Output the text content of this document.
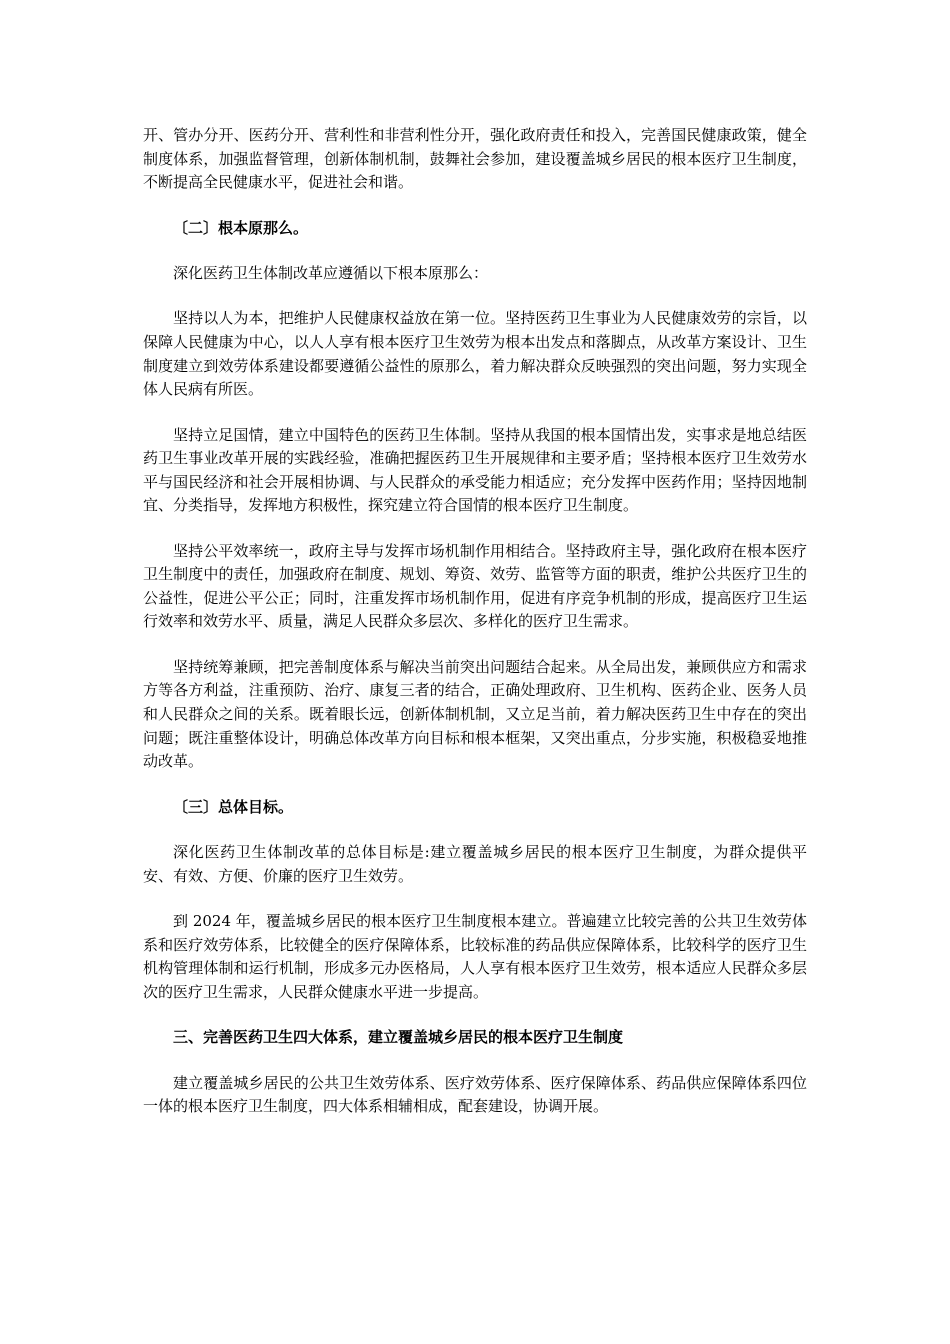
开、管办分开、医药分开、营利性和非营利性分开，强化政府责任和投入，完善国民健康政策，健全制度体系，加强监督管理，创新体制机制，鼓舞社会参加，建设覆盖城乡居民的根本医疗卫生制度，不断提高全民健康水平，促进社会和谐。

〔二〕根本原那么。

深化医药卫生体制改革应遵循以下根本原那么：

坚持以人为本，把维护人民健康权益放在第一位。坚持医药卫生事业为人民健康效劳的宗旨，以保障人民健康为中心，以人人享有根本医疗卫生效劳为根本出发点和落脚点，从改革方案设计、卫生制度建立到效劳体系建设都要遵循公益性的原那么，着力解决群众反映强烈的突出问题，努力实现全体人民病有所医。

坚持立足国情，建立中国特色的医药卫生体制。坚持从我国的根本国情出发，实事求是地总结医药卫生事业改革开展的实践经验，准确把握医药卫生开展规律和主要矛盾；坚持根本医疗卫生效劳水平与国民经济和社会开展相协调、与人民群众的承受能力相适应；充分发挥中医药作用；坚持因地制宜、分类指导，发挥地方积极性，探究建立符合国情的根本医疗卫生制度。

坚持公平效率统一，政府主导与发挥市场机制作用相结合。坚持政府主导，强化政府在根本医疗卫生制度中的责任，加强政府在制度、规划、筹资、效劳、监管等方面的职责，维护公共医疗卫生的公益性，促进公平公正；同时，注重发挥市场机制作用，促进有序竞争机制的形成，提高医疗卫生运行效率和效劳水平、质量，满足人民群众多层次、多样化的医疗卫生需求。

坚持统筹兼顾，把完善制度体系与解决当前突出问题结合起来。从全局出发，兼顾供应方和需求方等各方利益，注重预防、治疗、康复三者的结合，正确处理政府、卫生机构、医药企业、医务人员和人民群众之间的关系。既着眼长远，创新体制机制，又立足当前，着力解决医药卫生中存在的突出问题；既注重整体设计，明确总体改革方向目标和根本框架，又突出重点，分步实施，积极稳妥地推动改革。

〔三〕总体目标。

深化医药卫生体制改革的总体目标是:建立覆盖城乡居民的根本医疗卫生制度，为群众提供平安、有效、方便、价廉的医疗卫生效劳。

到 2024 年，覆盖城乡居民的根本医疗卫生制度根本建立。普遍建立比较完善的公共卫生效劳体系和医疗效劳体系，比较健全的医疗保障体系，比较标准的药品供应保障体系，比较科学的医疗卫生机构管理体制和运行机制，形成多元办医格局，人人享有根本医疗卫生效劳，根本适应人民群众多层次的医疗卫生需求，人民群众健康水平进一步提高。

三、完善医药卫生四大体系，建立覆盖城乡居民的根本医疗卫生制度

建立覆盖城乡居民的公共卫生效劳体系、医疗效劳体系、医疗保障体系、药品供应保障体系四位一体的根本医疗卫生制度，四大体系相辅相成，配套建设，协调开展。
